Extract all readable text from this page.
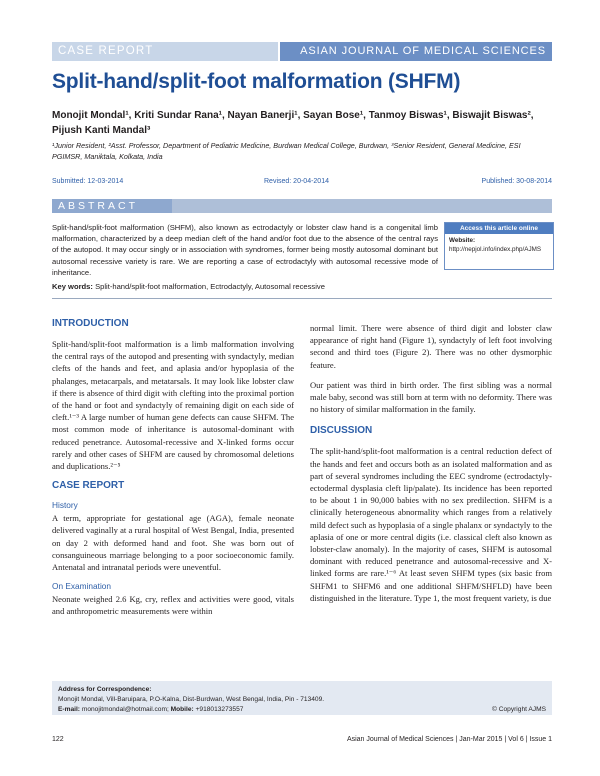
CASE REPORT	ASIAN JOURNAL OF MEDICAL SCIENCES
Split-hand/split-foot malformation (SHFM)
Monojit Mondal¹, Kriti Sundar Rana¹, Nayan Banerji¹, Sayan Bose¹, Tanmoy Biswas¹, Biswajit Biswas², Pijush Kanti Mandal³
¹Junior Resident, ²Asst. Professor, Department of Pediatric Medicine, Burdwan Medical College, Burdwan, ³Senior Resident, General Medicine, ESI PGIMSR, Maniktala, Kolkata, India
Submitted: 12-03-2014	Revised: 20-04-2014	Published: 30-08-2014
ABSTRACT

Split-hand/split-foot malformation (SHFM), also known as ectrodactyly or lobster claw hand is a congenital limb malformation, characterized by a deep median cleft of the hand and/or foot due to the absence of the central rays of the autopod. It may occur singly or in association with syndromes, former being mostly autosomal dominant but autosomal recessive variety is rare. We are reporting a case of ectrodactyly with autosomal recessive mode of inheritance.

Access this article online
Website:
http://nepjol.info/index.php/AJMS
Key words: Split-hand/split-foot malformation, Ectrodactyly, Autosomal recessive
INTRODUCTION

Split-hand/split-foot malformation is a limb malformation involving the central rays of the autopod and presenting with syndactyly, median clefts of the hands and feet, and aplasia and/or hypoplasia of the phalanges, metacarpals, and metatarsals. It may look like lobster claw if there is absence of third digit with clefting into the proximal portion of the hand or foot and syndactyly of remaining digit on each side of cleft.¹⁻³ A large number of human gene defects can cause SHFM. The most common mode of inheritance is autosomal-dominant with reduced penetrance. Autosomal-recessive and X-linked forms occur rarely and other cases of SHFM are caused by chromosomal deletions and duplications.²⁻⁵

CASE REPORT
History

A term, appropriate for gestational age (AGA), female neonate delivered vaginally at a rural hospital of West Bengal, India, presented on day 2 with deformed hand and foot. She was born out of consanguineous marriage belonging to a poor socioeconomic family. Antenatal and intranatal periods were uneventful.

On Examination

Neonate weighed 2.6 Kg, cry, reflex and activities were good, vitals and anthropometric measurements were within

normal limit. There were absence of third digit and lobster claw appearance of right hand (Figure 1), syndactyly of left foot involving second and third toes (Figure 2). There was no other dysmorphic feature.

Our patient was third in birth order. The first sibling was a normal male baby, second was still born at term with no deformity. There was no history of similar malformation in the family.

DISCUSSION

The split-hand/split-foot malformation is a central reduction defect of the hands and feet and occurs both as an isolated malformation and as part of several syndromes including the EEC syndrome (ectrodactyly-ectodermal dysplasia cleft lip/palate). Its incidence has been reported to be about 1 in 90,000 babies with no sex predilection. SHFM is a clinically heterogeneous abnormality which ranges from a relatively mild defect such as hypoplasia of a single phalanx or syndactyly to the aplasia of one or more central digits (i.e. classical cleft also known as lobster-claw anomaly). In the majority of cases, SHFM is autosomal dominant with reduced penetrance and autosomal-recessive and X-linked forms are rare.¹⁻⁶ At least seven SHFM types (six basic from SHFM1 to SHFM6 and one additional SHFM/SHFLD) have been distinguished in the literature. Type 1, the most frequent variety, is due

Address for Correspondence:
Monojit Mondal, Vill-Baruipara, P.O-Kalna, Dist-Burdwan, West Bengal, India, Pin - 713409.
E-mail: monojitmondal@hotmail.com; Mobile: +918013273557	© Copyright AJMS
122	Asian Journal of Medical Sciences | Jan-Mar 2015 | Vol 6 | Issue 1
